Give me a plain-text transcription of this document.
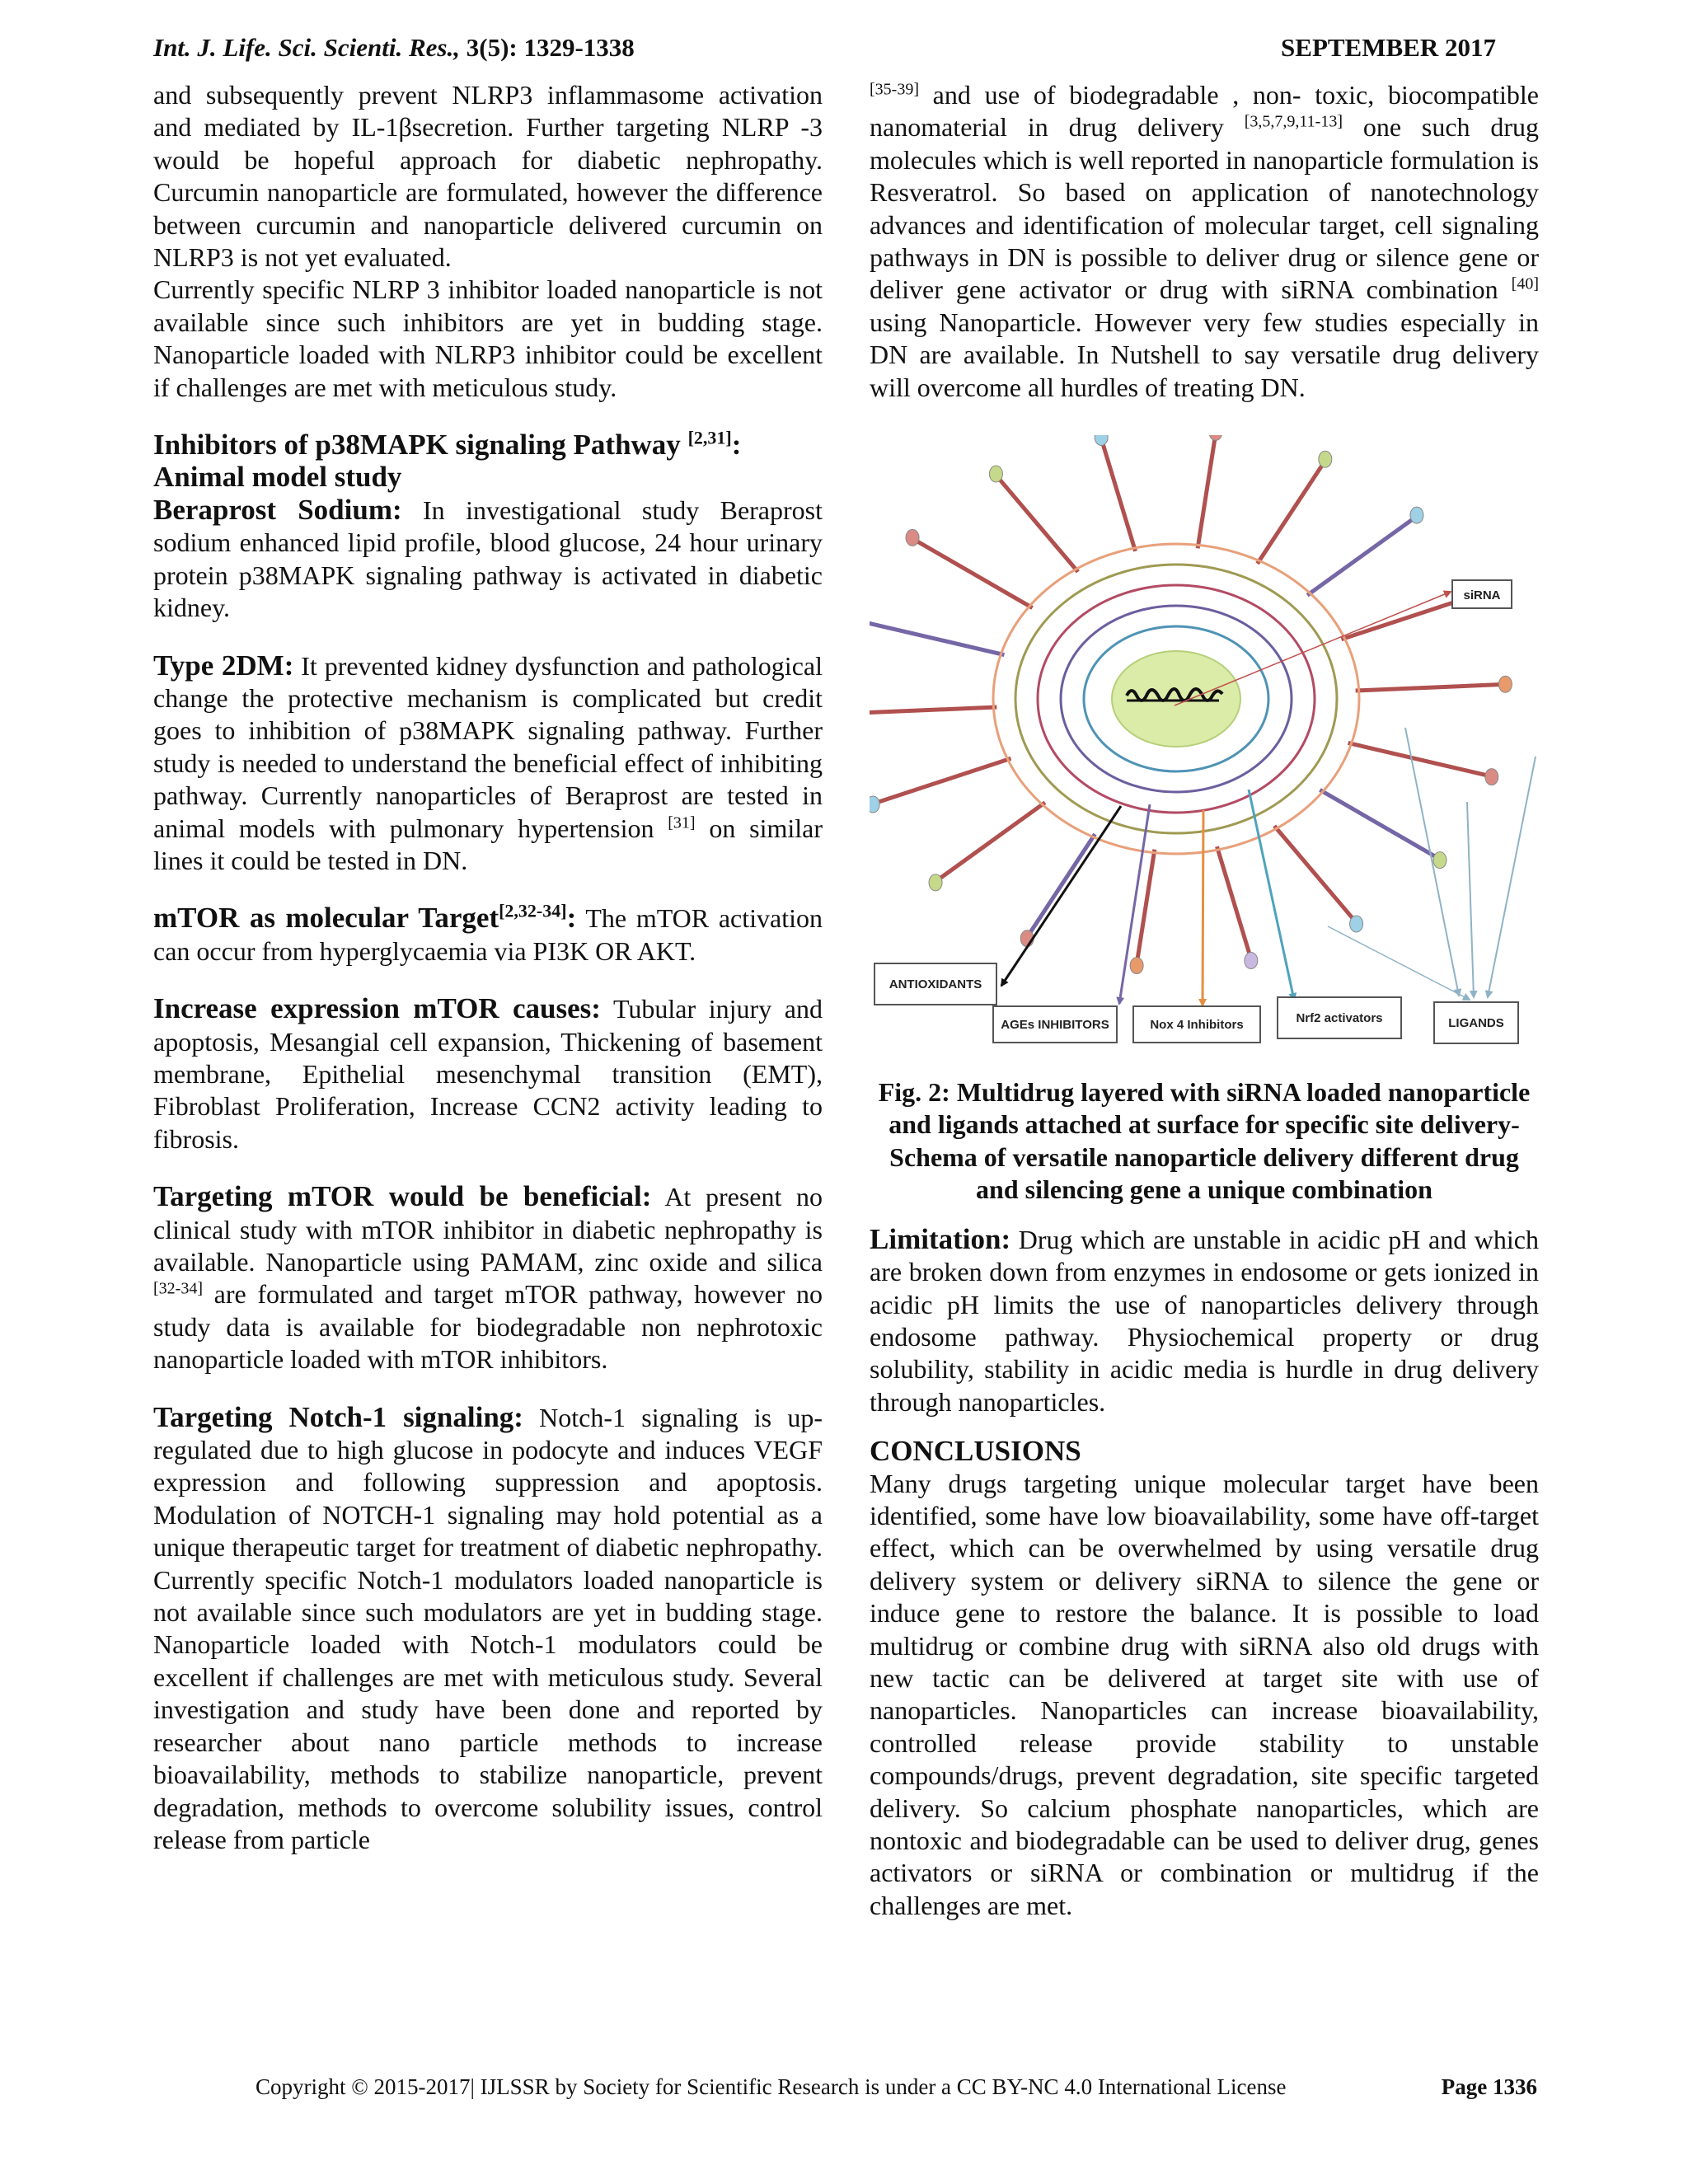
Int. J. Life. Sci. Scienti. Res., 3(5): 1329-1338	SEPTEMBER 2017

and subsequently prevent NLRP3 inflammasome activation and mediated by IL-1βsecretion. Further targeting NLRP -3 would be hopeful approach for diabetic nephropathy. Curcumin nanoparticle are formulated, however the difference between curcumin and nanoparticle delivered curcumin on NLRP3 is not yet evaluated.

Currently specific NLRP 3 inhibitor loaded nanoparticle is not available since such inhibitors are yet in budding stage. Nanoparticle loaded with NLRP3 inhibitor could be excellent if challenges are met with meticulous study.

Inhibitors of p38MAPK signaling Pathway [2,31]:
Animal model study

Beraprost Sodium: In investigational study Beraprost sodium enhanced lipid profile, blood glucose, 24 hour urinary protein p38MAPK signaling pathway is activated in diabetic kidney.

Type 2DM: It prevented kidney dysfunction and pathological change the protective mechanism is complicated but credit goes to inhibition of p38MAPK signaling pathway. Further study is needed to understand the beneficial effect of inhibiting pathway. Currently nanoparticles of Beraprost are tested in animal models with pulmonary hypertension [31] on similar lines it could be tested in DN.

mTOR as molecular Target[2,32-34]: The mTOR activation can occur from hyperglycaemia via PI3K OR AKT.

Increase expression mTOR causes: Tubular injury and apoptosis, Mesangial cell expansion, Thickening of basement membrane, Epithelial mesenchymal transition (EMT), Fibroblast Proliferation, Increase CCN2 activity leading to fibrosis.

Targeting mTOR would be beneficial: At present no clinical study with mTOR inhibitor in diabetic nephropathy is available. Nanoparticle using PAMAM, zinc oxide and silica [32-34] are formulated and target mTOR pathway, however no study data is available for biodegradable non nephrotoxic nanoparticle loaded with mTOR inhibitors.

Targeting Notch-1 signaling: Notch-1 signaling is up-regulated due to high glucose in podocyte and induces VEGF expression and following suppression and apoptosis. Modulation of NOTCH-1 signaling may hold potential as a unique therapeutic target for treatment of diabetic nephropathy. Currently specific Notch-1 modulators loaded nanoparticle is not available since such modulators are yet in budding stage. Nanoparticle loaded with Notch-1 modulators could be excellent if challenges are met with meticulous study. Several investigation and study have been done and reported by researcher about nano particle methods to increase bioavailability, methods to stabilize nanoparticle, prevent degradation, methods to overcome solubility issues, control release from particle

[35-39] and use of biodegradable , non- toxic, biocompatible nanomaterial in drug delivery [3,5,7,9,11-13] one such drug molecules which is well reported in nanoparticle formulation is Resveratrol. So based on application of nanotechnology advances and identification of molecular target, cell signaling pathways in DN is possible to deliver drug or silence gene or deliver gene activator or drug with siRNA combination [40] using Nanoparticle. However very few studies especially in DN are available. In Nutshell to say versatile drug delivery will overcome all hurdles of treating DN.

siRNA
ANTIOXIDANTS
AGEs INHIBITORS	Nox 4 Inhibitors	Nrf2 activators	LIGANDS

Fig. 2: Multidrug layered with siRNA loaded nanoparticle and ligands attached at surface for specific site delivery- Schema of versatile nanoparticle delivery different drug and silencing gene a unique combination

Limitation: Drug which are unstable in acidic pH and which are broken down from enzymes in endosome or gets ionized in acidic pH limits the use of nanoparticles delivery through endosome pathway. Physiochemical property or drug solubility, stability in acidic media is hurdle in drug delivery through nanoparticles.

CONCLUSIONS

Many drugs targeting unique molecular target have been identified, some have low bioavailability, some have off-target effect, which can be overwhelmed by using versatile drug delivery system or delivery siRNA to silence the gene or induce gene to restore the balance. It is possible to load multidrug or combine drug with siRNA also old drugs with new tactic can be delivered at target site with use of nanoparticles. Nanoparticles can increase bioavailability, controlled release provide stability to unstable compounds/drugs, prevent degradation, site specific targeted delivery. So calcium phosphate nanoparticles, which are nontoxic and biodegradable can be used to deliver drug, genes activators or siRNA or combination or multidrug if the challenges are met.

Copyright © 2015-2017| IJLSSR by Society for Scientific Research is under a CC BY-NC 4.0 International License	Page 1336
